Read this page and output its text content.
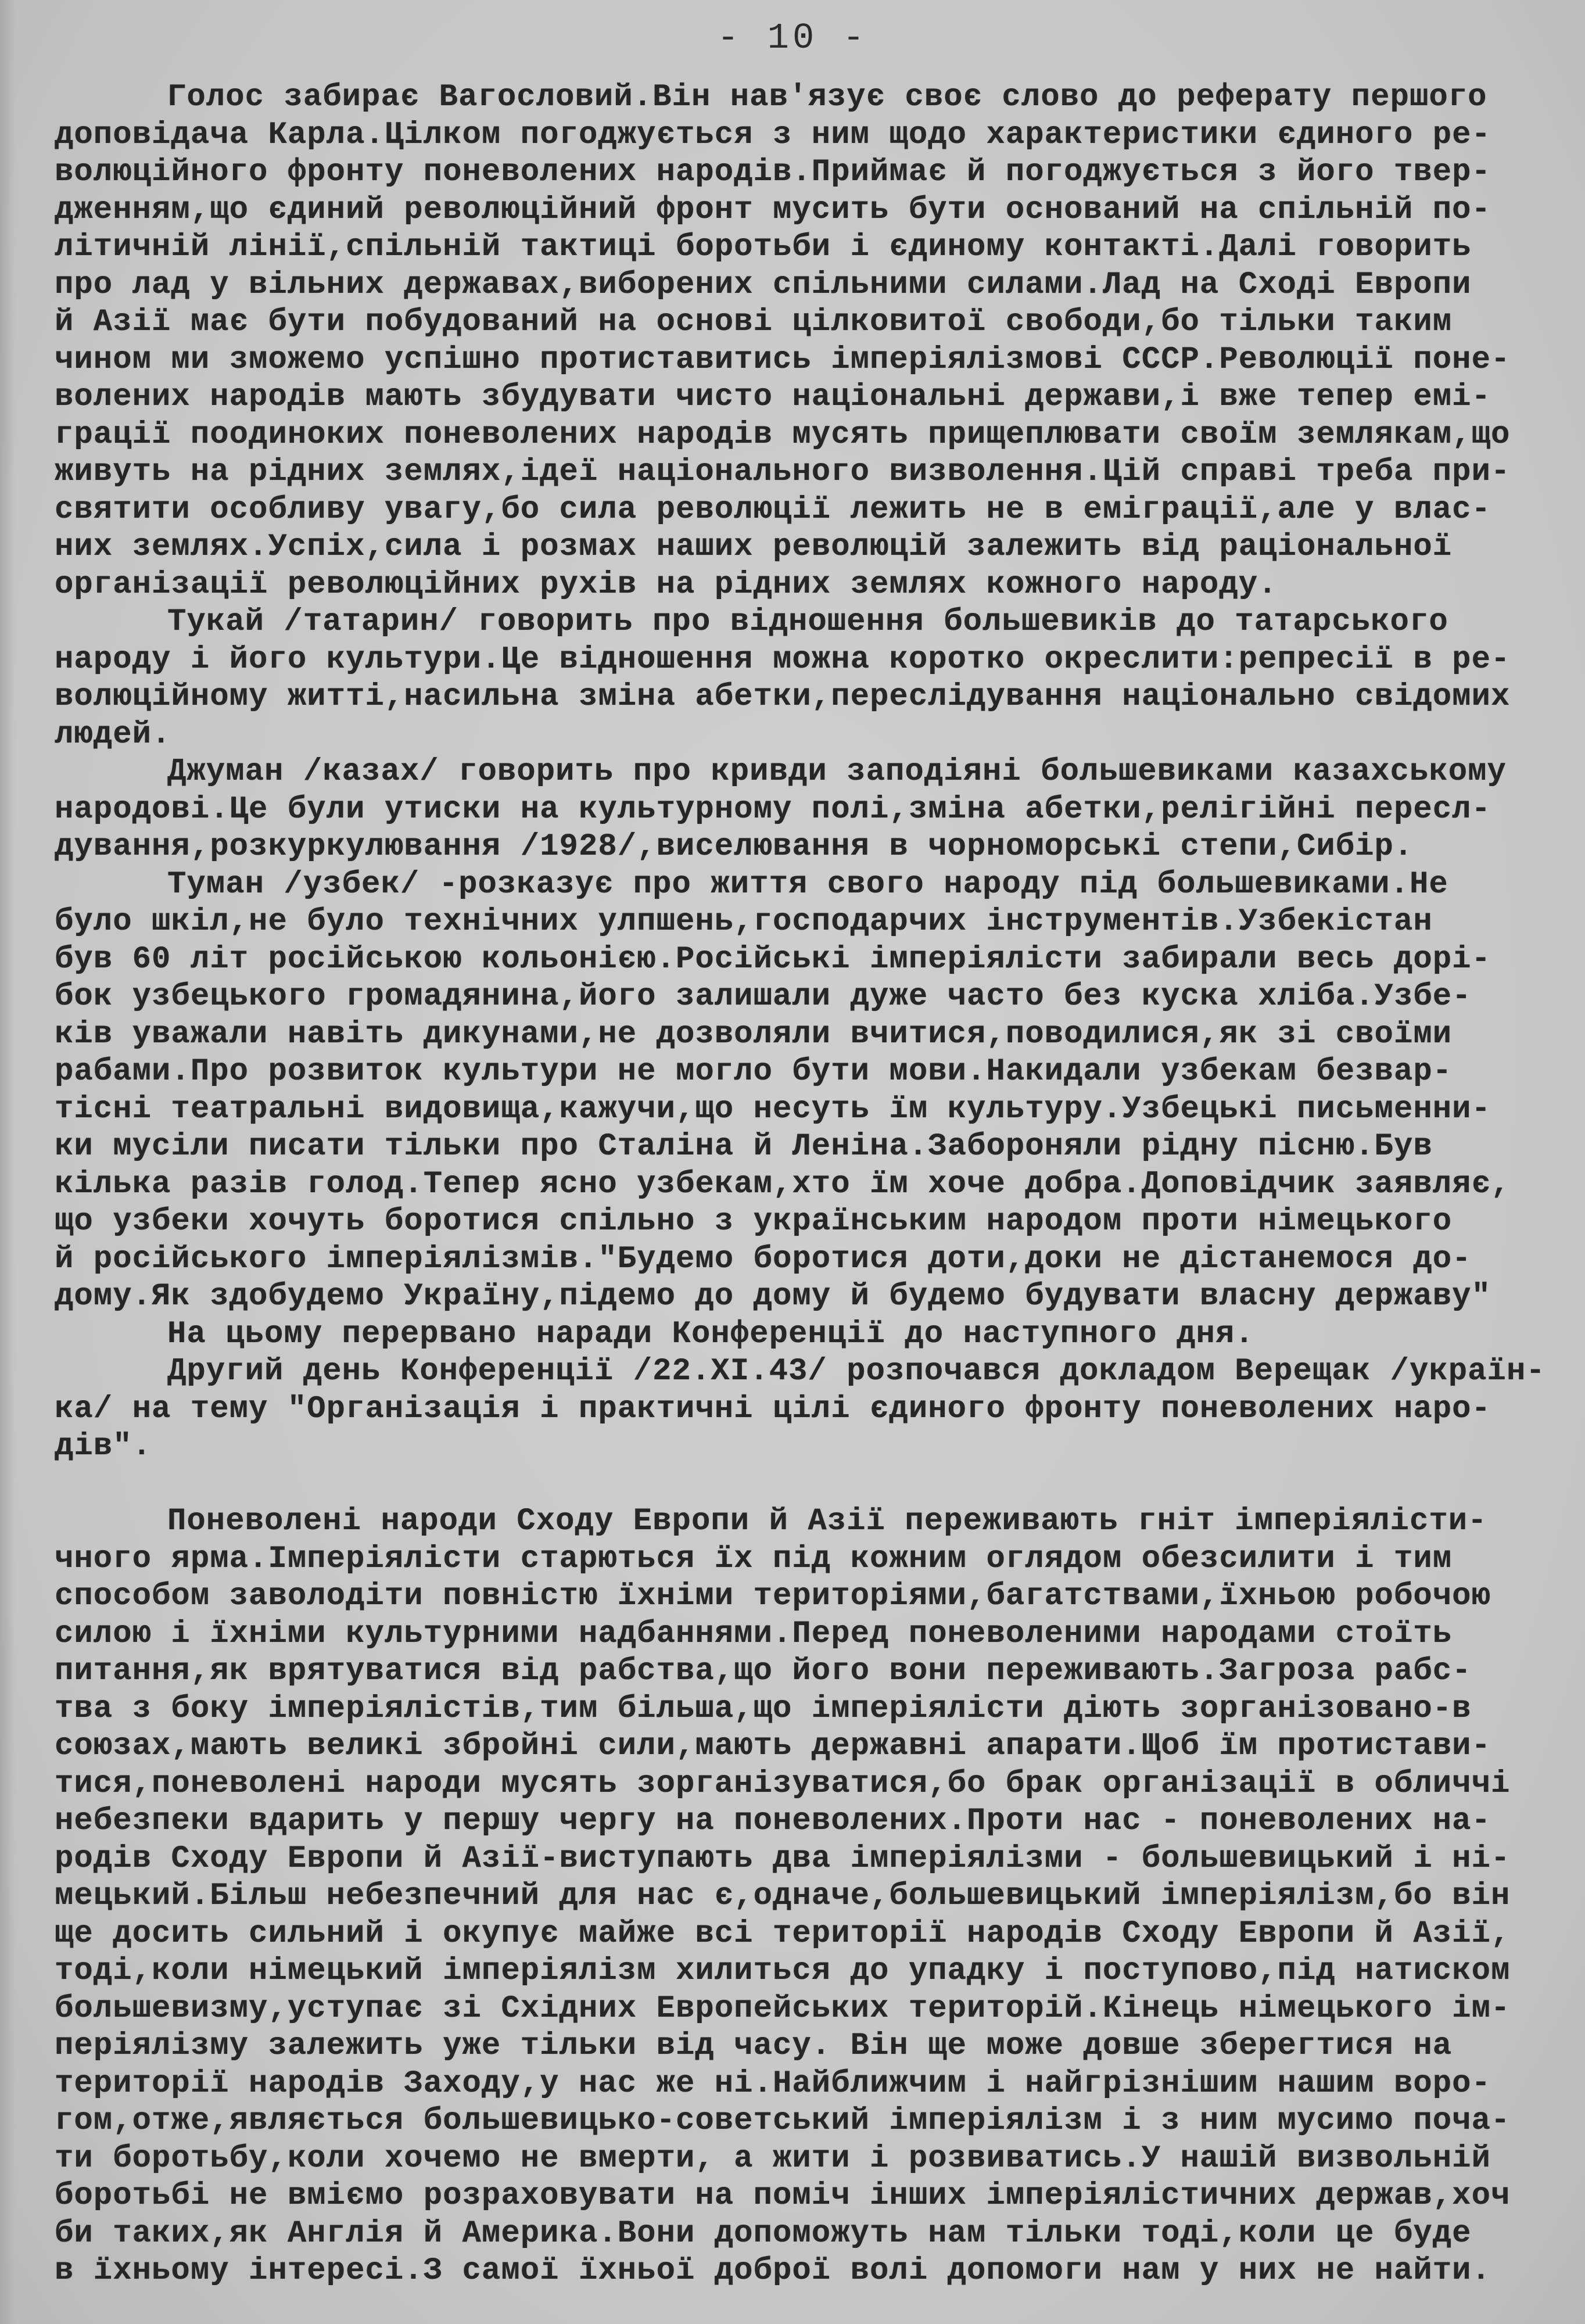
- 10 -
Голос забирає Вагословий.Він нав'язує своє слово до реферату першого
доповідача Карла.Цілком погоджується з ним щодо характеристики єдиного ре-
волюційного фронту поневолених народів.Приймає й погоджується з його твер-
дженням,що єдиний революційний фронт мусить бути оснований на спільній по-
літичній лінії,спільній тактиці боротьби і єдиному контакті.Далі говорить
про лад у вільних державах,виборених спільними силами.Лад на Сході Европи
й Азії має бути побудований на основі цілковитої свободи,бо тільки таким
чином ми зможемо успішно протиставитись імперіялізмові СССР.Революції поне-
волених народів мають збудувати чисто національні держави,і вже тепер емі-
грації поодиноких поневолених народів мусять прищеплювати своїм землякам,що
живуть на рідних землях,ідеї національного визволення.Цій справі треба при-
святити особливу увагу,бо сила революції лежить не в еміграції,але у влас-
них землях.Успіх,сила і розмах наших революцій залежить від раціональної
організації революційних рухів на рідних землях кожного народу.
Тукай /татарин/ говорить про відношення большевиків до татарського
народу і його культури.Це відношення можна коротко окреслити:репресії в ре-
волюційному житті,насильна зміна абетки,переслідування національно свідомих
людей.
Джуман /казах/ говорить про кривди заподіяні большевиками казахському
народові.Це були утиски на культурному полі,зміна абетки,релігійні пересл-
дування,розкуркулювання /1928/,виселювання в чорноморські степи,Сибір.
Туман /узбек/ -розказує про життя свого народу під большевиками.Не
було шкіл,не було технічних улпшень,господарчих інструментів.Узбекістан
був 60 літ російською кольонією.Російські імперіялісти забирали весь дорі-
бок узбецького громадянина,його залишали дуже часто без куска хліба.Узбе-
ків уважали навіть дикунами,не дозволяли вчитися,поводилися,як зі своїми
рабами.Про розвиток культури не могло бути мови.Накидали узбекам безвар-
тісні театральні видовища,кажучи,що несуть їм культуру.Узбецькі письменни-
ки мусіли писати тільки про Сталіна й Леніна.Забороняли рідну пісню.Був
кілька разів голод.Тепер ясно узбекам,хто їм хоче добра.Доповідчик заявляє,
що узбеки хочуть боротися спільно з українським народом проти німецького
й російського імперіялізмів."Будемо боротися доти,доки не дістанемося до-
дому.Як здобудемо Україну,підемо до дому й будемо будувати власну державу"
На цьому перервано наради Конференції до наступного дня.
Другий день Конференції /22.XI.43/ розпочався докладом Верещак /україн-
ка/ на тему "Організація і практичні цілі єдиного фронту поневолених наро-
дів".
Поневолені народи Сходу Европи й Азії переживають гніт імперіялісти-
чного ярма.Імперіялісти старються їх під кожним оглядом обезсилити і тим
способом заволодіти повністю їхніми територіями,багатствами,їхньою робочою
силою і їхніми культурними надбаннями.Перед поневоленими народами стоїть
питання,як врятуватися від рабства,що його вони переживають.Загроза рабс-
тва з боку імперіялістів,тим більша,що імперіялісти діють зорганізовано-в
союзах,мають великі збройні сили,мають державні апарати.Щоб їм протистави-
тися,поневолені народи мусять зорганізуватися,бо брак організації в обличчі
небезпеки вдарить у першу чергу на поневолених.Проти нас - поневолених на-
родів Сходу Европи й Азії-виступають два імперіялізми - большевицький і ні-
мецький.Більш небезпечний для нас є,одначе,большевицький імперіялізм,бо він
ще досить сильний і окупує майже всі території народів Сходу Европи й Азії,
тоді,коли німецький імперіялізм хилиться до упадку і поступово,під натиском
большевизму,уступає зі Східних Европейських територій.Кінець німецького ім-
періялізму залежить уже тільки від часу. Він ще може довше зберегтися на
території народів Заходу,у нас же ні.Найближчим і найгрізнішим нашим воро-
гом,отже,являється большевицько-советський імперіялізм і з ним мусимо поча-
ти боротьбу,коли хочемо не вмерти, а жити і розвиватись.У нашій визвольній
боротьбі не вміємо розраховувати на поміч інших імперіялістичних держав,хоч
би таких,як Англія й Америка.Вони допоможуть нам тільки тоді,коли це буде
в їхньому інтересі.З самої їхньої доброї волі допомоги нам у них не найти.
